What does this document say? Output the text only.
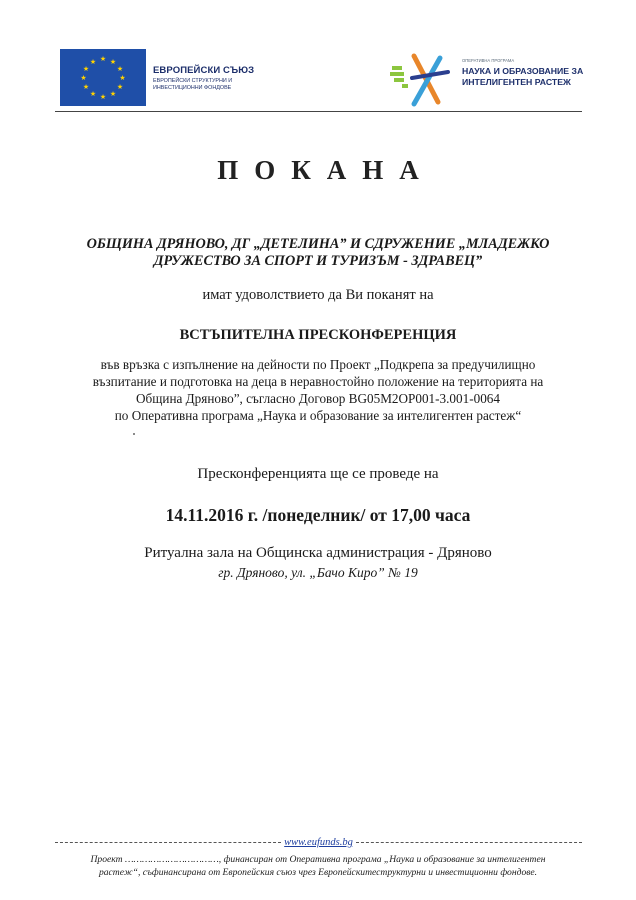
★ ★
★
★
★
★
★
★
★
★
★
★
ЕВРОПЕЙСКИ СЪЮЗ
ЕВРОПЕЙСКИ СТРУКТУРНИ И ИНВЕСТИЦИОННИ ФОНДОВЕ
ОПЕРАТИВНА ПРОГРАМА
НАУКА И ОБРАЗОВАНИЕ ЗА
ИНТЕЛИГЕНТЕН РАСТЕЖ
ПОКАНА
ОБЩИНА ДРЯНОВО, ДГ „ДЕТЕЛИНА” И СДРУЖЕНИЕ „МЛАДЕЖКО
ДРУЖЕСТВО ЗА СПОРТ И ТУРИЗЪМ - ЗДРАВЕЦ”
имат удоволствието да Ви поканят на
ВСТЪПИТЕЛНА ПРЕСКОНФЕРЕНЦИЯ
във връзка с изпълнение на дейности по Проект „Подкрепа за предучилищно
възпитание и подготовка на деца в неравностойно положение на територията на
Община Дряново”, съгласно Договор BG05M2OP001-3.001-0064
по Оперативна програма „Наука и образование за интелигентен растеж“
Пресконференцията ще се проведе на
14.11.2016 г. /понеделник/ от 17,00 часа
Ритуална зала на Общинска администрация - Дряново
гр. Дряново, ул. „Бачо Киро” № 19
www.eufunds.bg
Проект ……………………………, финансиран от Оперативна програма „Наука и образование за интелигентен
растеж“, съфинансирана от Европейския съюз чрез Европейскитеструктурни и инвестиционни фондове.
